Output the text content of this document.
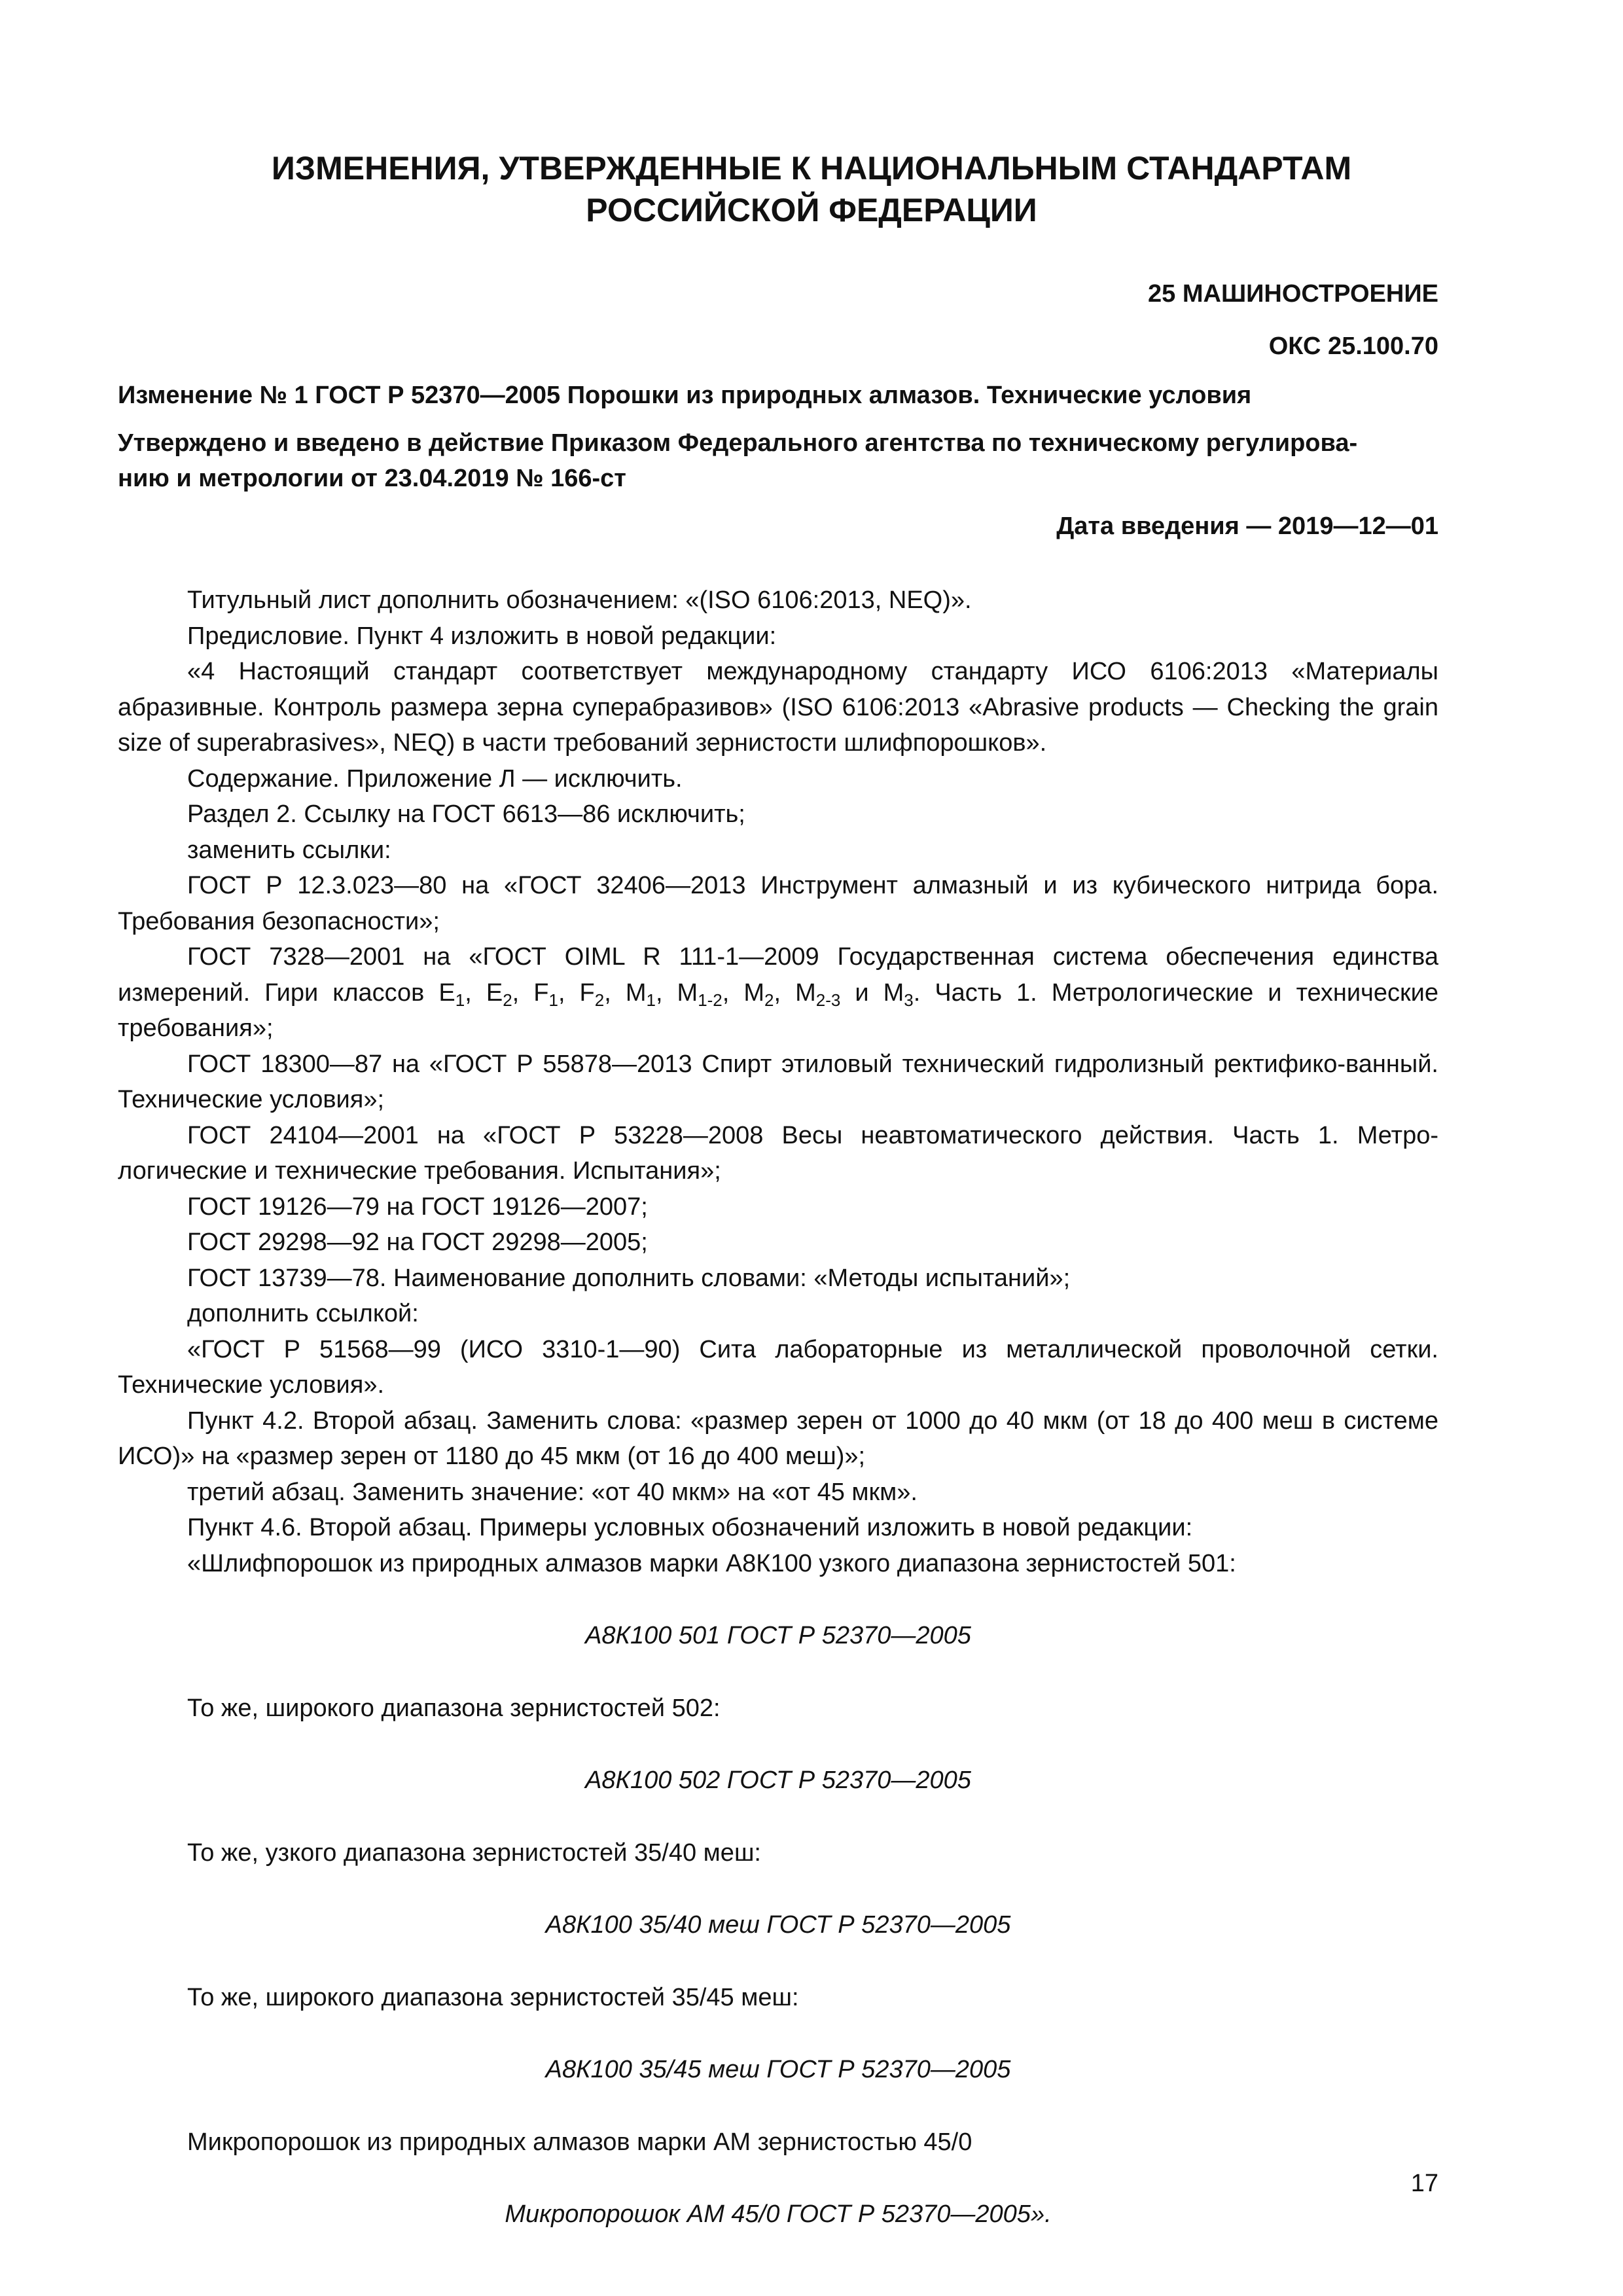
ИЗМЕНЕНИЯ, УТВЕРЖДЕННЫЕ К НАЦИОНАЛЬНЫМ СТАНДАРТАМ
РОССИЙСКОЙ ФЕДЕРАЦИИ
25 МАШИНОСТРОЕНИЕ
ОКС 25.100.70
Изменение № 1 ГОСТ Р 52370—2005 Порошки из природных алмазов. Технические условия
Утверждено и введено в действие Приказом Федерального агентства по техническому регулирова-
нию и метрологии от 23.04.2019 № 166-ст
Дата введения — 2019—12—01

Титульный лист дополнить обозначением: «(ISO 6106:2013, NEQ)».

Предисловие. Пункт 4 изложить в новой редакции:

«4 Настоящий стандарт соответствует международному стандарту ИСО 6106:2013 «Материалы абразивные. Контроль размера зерна суперабразивов» (ISO 6106:2013 «Abrasive products — Checking the grain size of superabrasives», NEQ) в части требований зернистости шлифпорошков».

Содержание. Приложение Л — исключить.

Раздел 2. Ссылку на ГОСТ 6613—86 исключить;

заменить ссылки:

ГОСТ Р 12.3.023—80 на «ГОСТ 32406—2013 Инструмент алмазный и из кубического нитрида бора. Требования безопасности»;

ГОСТ 7328—2001 на «ГОСТ OIML R 111-1—2009 Государственная система обеспечения единства измерений. Гири классов $E_1$, $E_2$, $F_1$, $F_2$, $M_1$, $M_{1-2}$, $M_2$, $M_{2-3}$ и $M_3$. Часть 1. Метрологические и технические требования»;

ГОСТ 18300—87 на «ГОСТ Р 55878—2013 Спирт этиловый технический гидролизный ректифико-ванный. Технические условия»;

ГОСТ 24104—2001 на «ГОСТ Р 53228—2008 Весы неавтоматического действия. Часть 1. Метро-логические и технические требования. Испытания»;

ГОСТ 19126—79 на ГОСТ 19126—2007;

ГОСТ 29298—92 на ГОСТ 29298—2005;

ГОСТ 13739—78. Наименование дополнить словами: «Методы испытаний»;

дополнить ссылкой:

«ГОСТ Р 51568—99 (ИСО 3310-1—90) Сита лабораторные из металлической проволочной сетки. Технические условия».

Пункт 4.2. Второй абзац. Заменить слова: «размер зерен от 1000 до 40 мкм (от 18 до 400 меш в системе ИСО)» на «размер зерен от 1180 до 45 мкм (от 16 до 400 меш)»;

третий абзац. Заменить значение: «от 40 мкм» на «от 45 мкм».

Пункт 4.6. Второй абзац. Примеры условных обозначений изложить в новой редакции:

«Шлифпорошок из природных алмазов марки А8К100 узкого диапазона зернистостей 501:

А8К100 501 ГОСТ Р 52370—2005

То же, широкого диапазона зернистостей 502:

А8К100 502 ГОСТ Р 52370—2005

То же, узкого диапазона зернистостей 35/40 меш:

А8К100 35/40 меш ГОСТ Р 52370—2005

То же, широкого диапазона зернистостей 35/45 меш:

А8К100 35/45 меш ГОСТ Р 52370—2005

Микропорошок из природных алмазов марки АМ зернистостью 45/0

Микропорошок АМ 45/0 ГОСТ Р 52370—2005».

17
